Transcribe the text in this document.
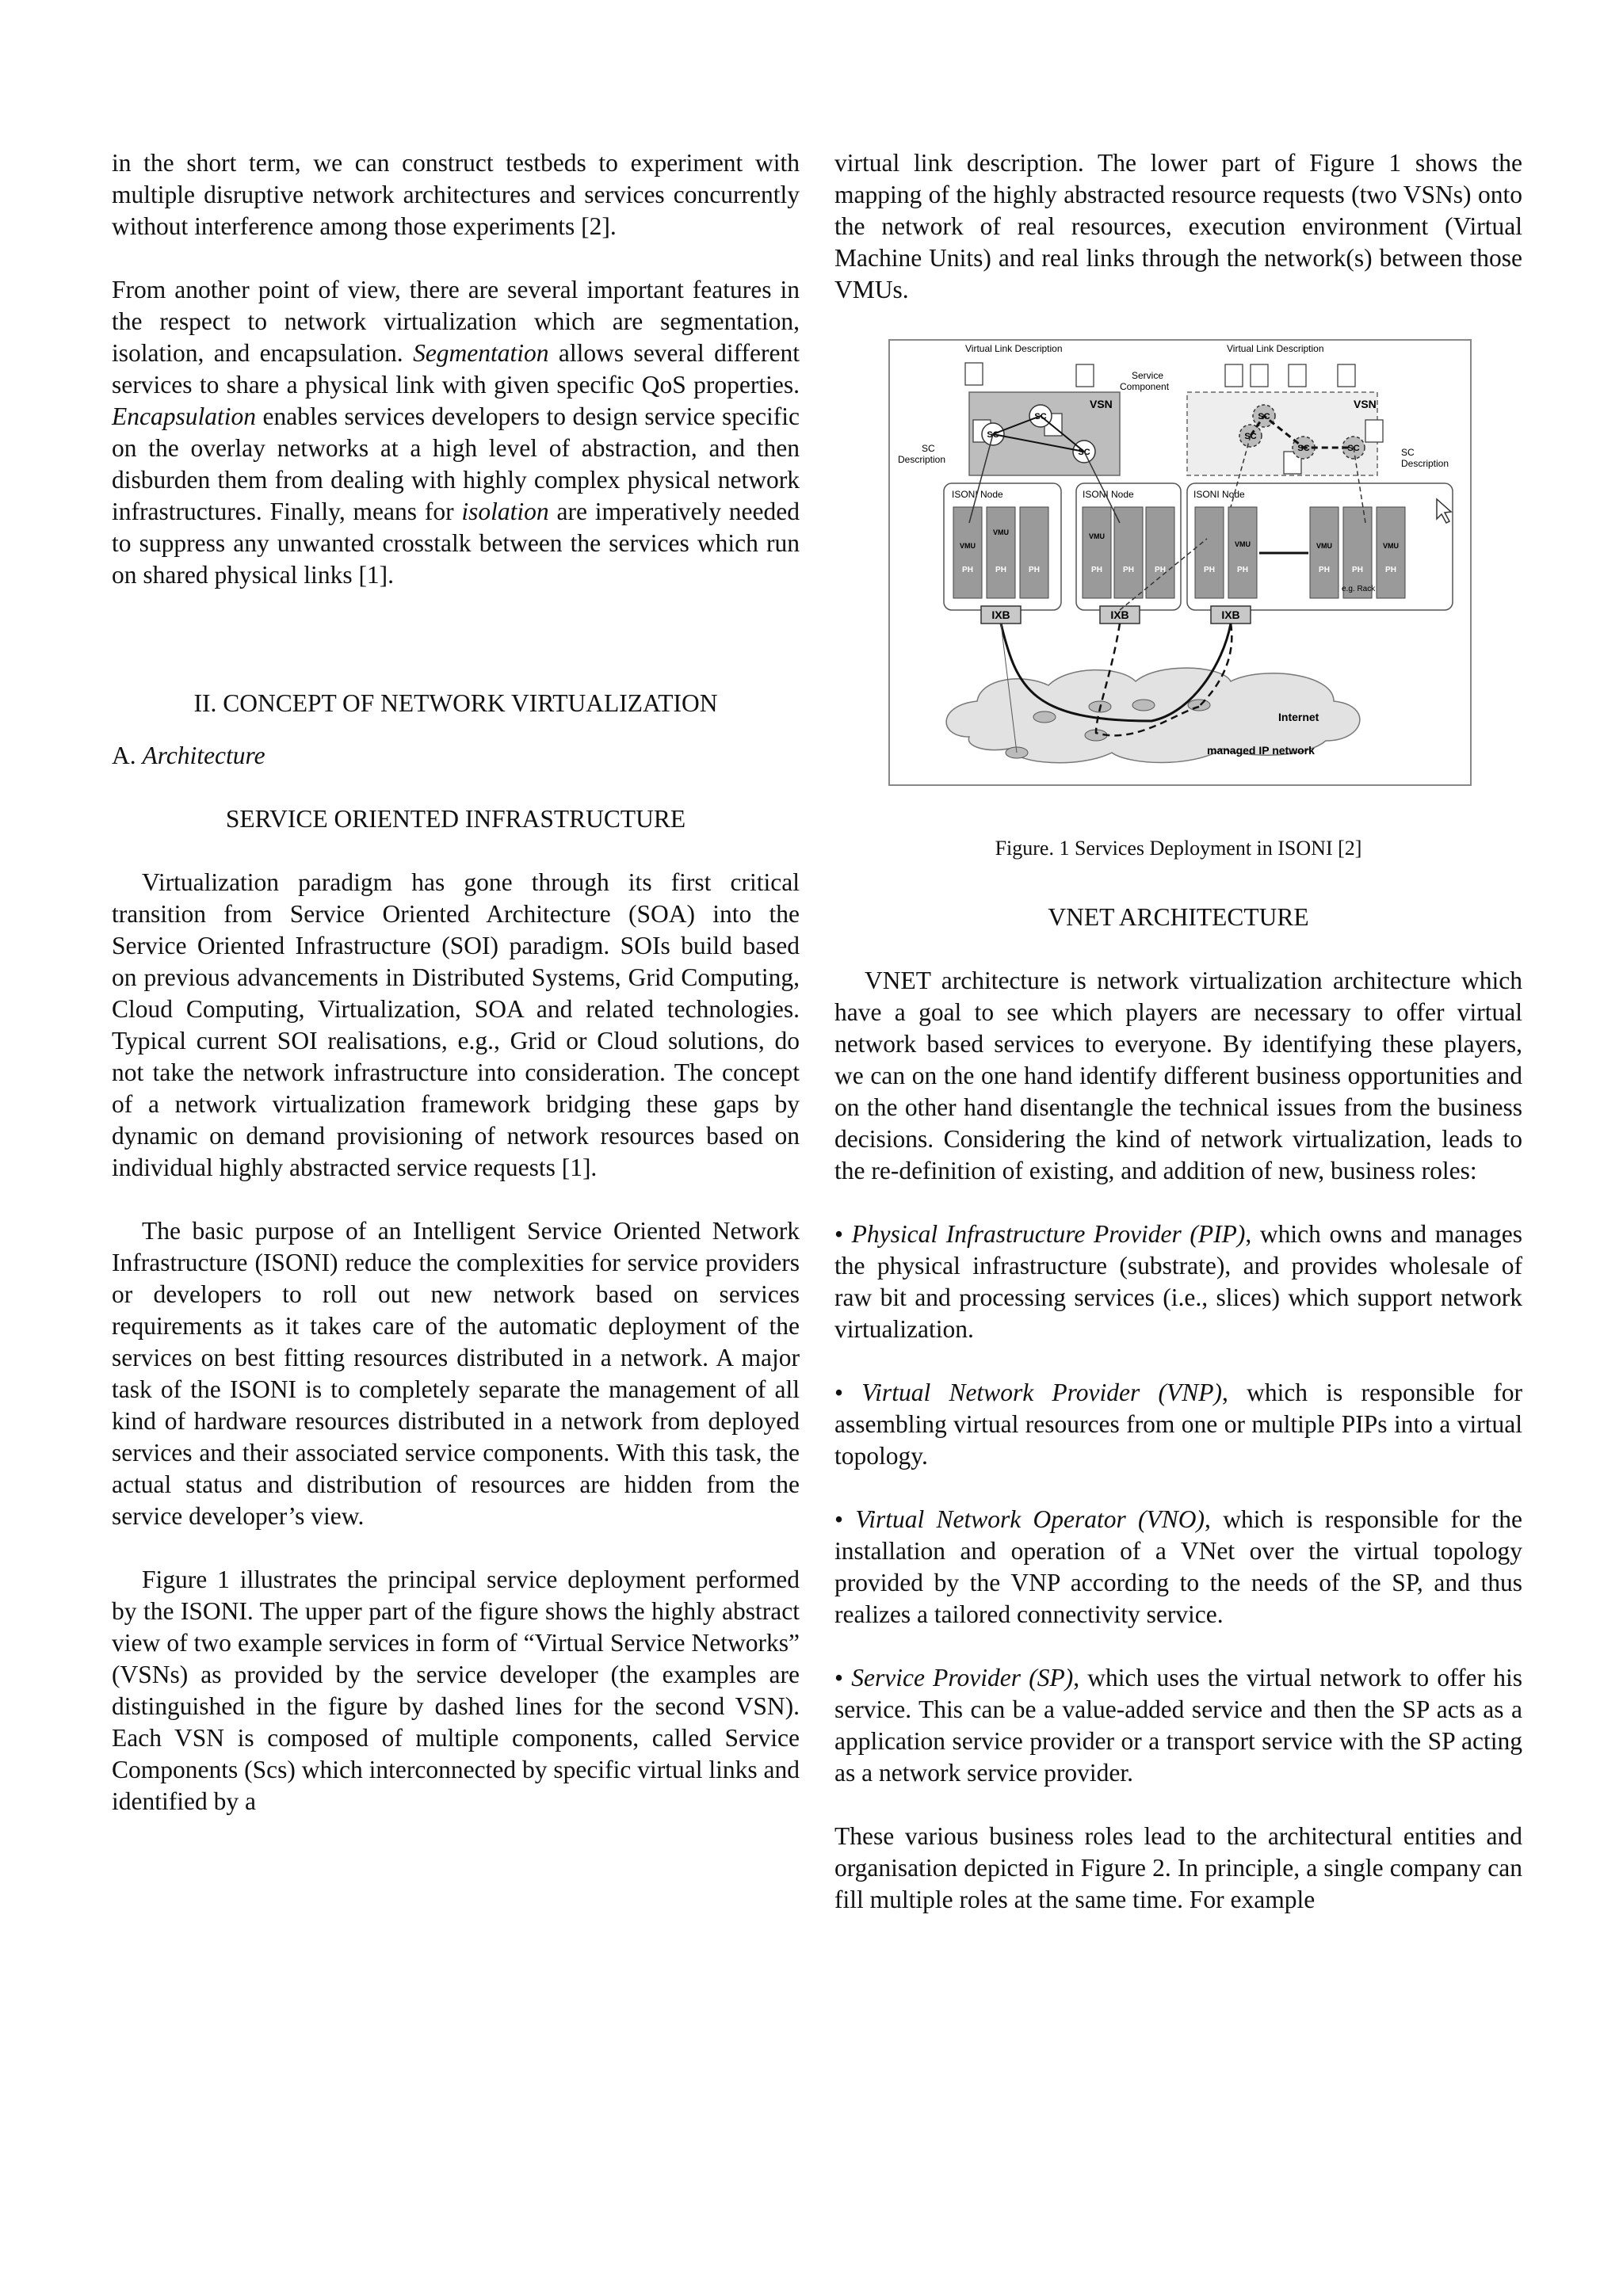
in the short term, we can construct testbeds to experiment with multiple disruptive network architectures and services concurrently without interference among those experiments [2].

From another point of view, there are several important features in the respect to network virtualization which are segmentation, isolation, and encapsulation. Segmentation allows several different services to share a physical link with given specific QoS properties. Encapsulation enables services developers to design service specific on the overlay networks at a high level of abstraction, and then disburden them from dealing with highly complex physical network infrastructures. Finally, means for isolation are imperatively needed to suppress any unwanted crosstalk between the services which run on shared physical links [1].

II. CONCEPT OF NETWORK VIRTUALIZATION

A. Architecture

SERVICE ORIENTED INFRASTRUCTURE

Virtualization paradigm has gone through its first critical transition from Service Oriented Architecture (SOA) into the Service Oriented Infrastructure (SOI) paradigm. SOIs build based on previous advancements in Distributed Systems, Grid Computing, Cloud Computing, Virtualization, SOA and related technologies. Typical current SOI realisations, e.g., Grid or Cloud solutions, do not take the network infrastructure into consideration. The concept of a network virtualization framework bridging these gaps by dynamic on demand provisioning of network resources based on individual highly abstracted service requests [1].

The basic purpose of an Intelligent Service Oriented Network Infrastructure (ISONI) reduce the complexities for service providers or developers to roll out new network based on services requirements as it takes care of the automatic deployment of the services on best fitting resources distributed in a network. A major task of the ISONI is to completely separate the management of all kind of hardware resources distributed in a network from deployed services and their associated service components. With this task, the actual status and distribution of resources are hidden from the service developer’s view.

Figure 1 illustrates the principal service deployment performed by the ISONI. The upper part of the figure shows the highly abstract view of two example services in form of “Virtual Service Networks” (VSNs) as provided by the service developer (the examples are distinguished in the figure by dashed lines for the second VSN). Each VSN is composed of multiple components, called Service Components (Scs) which interconnected by specific virtual links and identified by a

virtual link description. The lower part of Figure 1 shows the mapping of the highly abstracted resource requests (two VSNs) onto the network of real resources, execution environment (Virtual Machine Units) and real links through the network(s) between those VMUs.

VSN	VSN
Virtual Link Description	Virtual Link Description
Service
Component
SC
Description
SC
Description
SC
SC
SC
SC
SC
SC	SC
ISONI Node	ISONI Node	ISONI Node
PH	PH	PH	PH	PH	PH	PH	PH	PH	PH	PH
VMU
VMU	VMU
VMU	VMU	VMU
e.g. Rack
IXB	IXB	IXB
Internet
managed IP network

Figure. 1 Services Deployment in ISONI [2]

VNET ARCHITECTURE

VNET architecture is network virtualization architecture which have a goal to see which players are necessary to offer virtual network based services to everyone. By identifying these players, we can on the one hand identify different business opportunities and on the other hand disentangle the technical issues from the business decisions. Considering the kind of network virtualization, leads to the re-definition of existing, and addition of new, business roles:

• Physical Infrastructure Provider (PIP), which owns and manages the physical infrastructure (substrate), and provides wholesale of raw bit and processing services (i.e., slices) which support network virtualization.

• Virtual Network Provider (VNP), which is responsible for assembling virtual resources from one or multiple PIPs into a virtual topology.

• Virtual Network Operator (VNO), which is responsible for the installation and operation of a VNet over the virtual topology provided by the VNP according to the needs of the SP, and thus realizes a tailored connectivity service.

• Service Provider (SP), which uses the virtual network to offer his service. This can be a value-added service and then the SP acts as a application service provider or a transport service with the SP acting as a network service provider.

These various business roles lead to the architectural entities and organisation depicted in Figure 2. In principle, a single company can fill multiple roles at the same time. For example
